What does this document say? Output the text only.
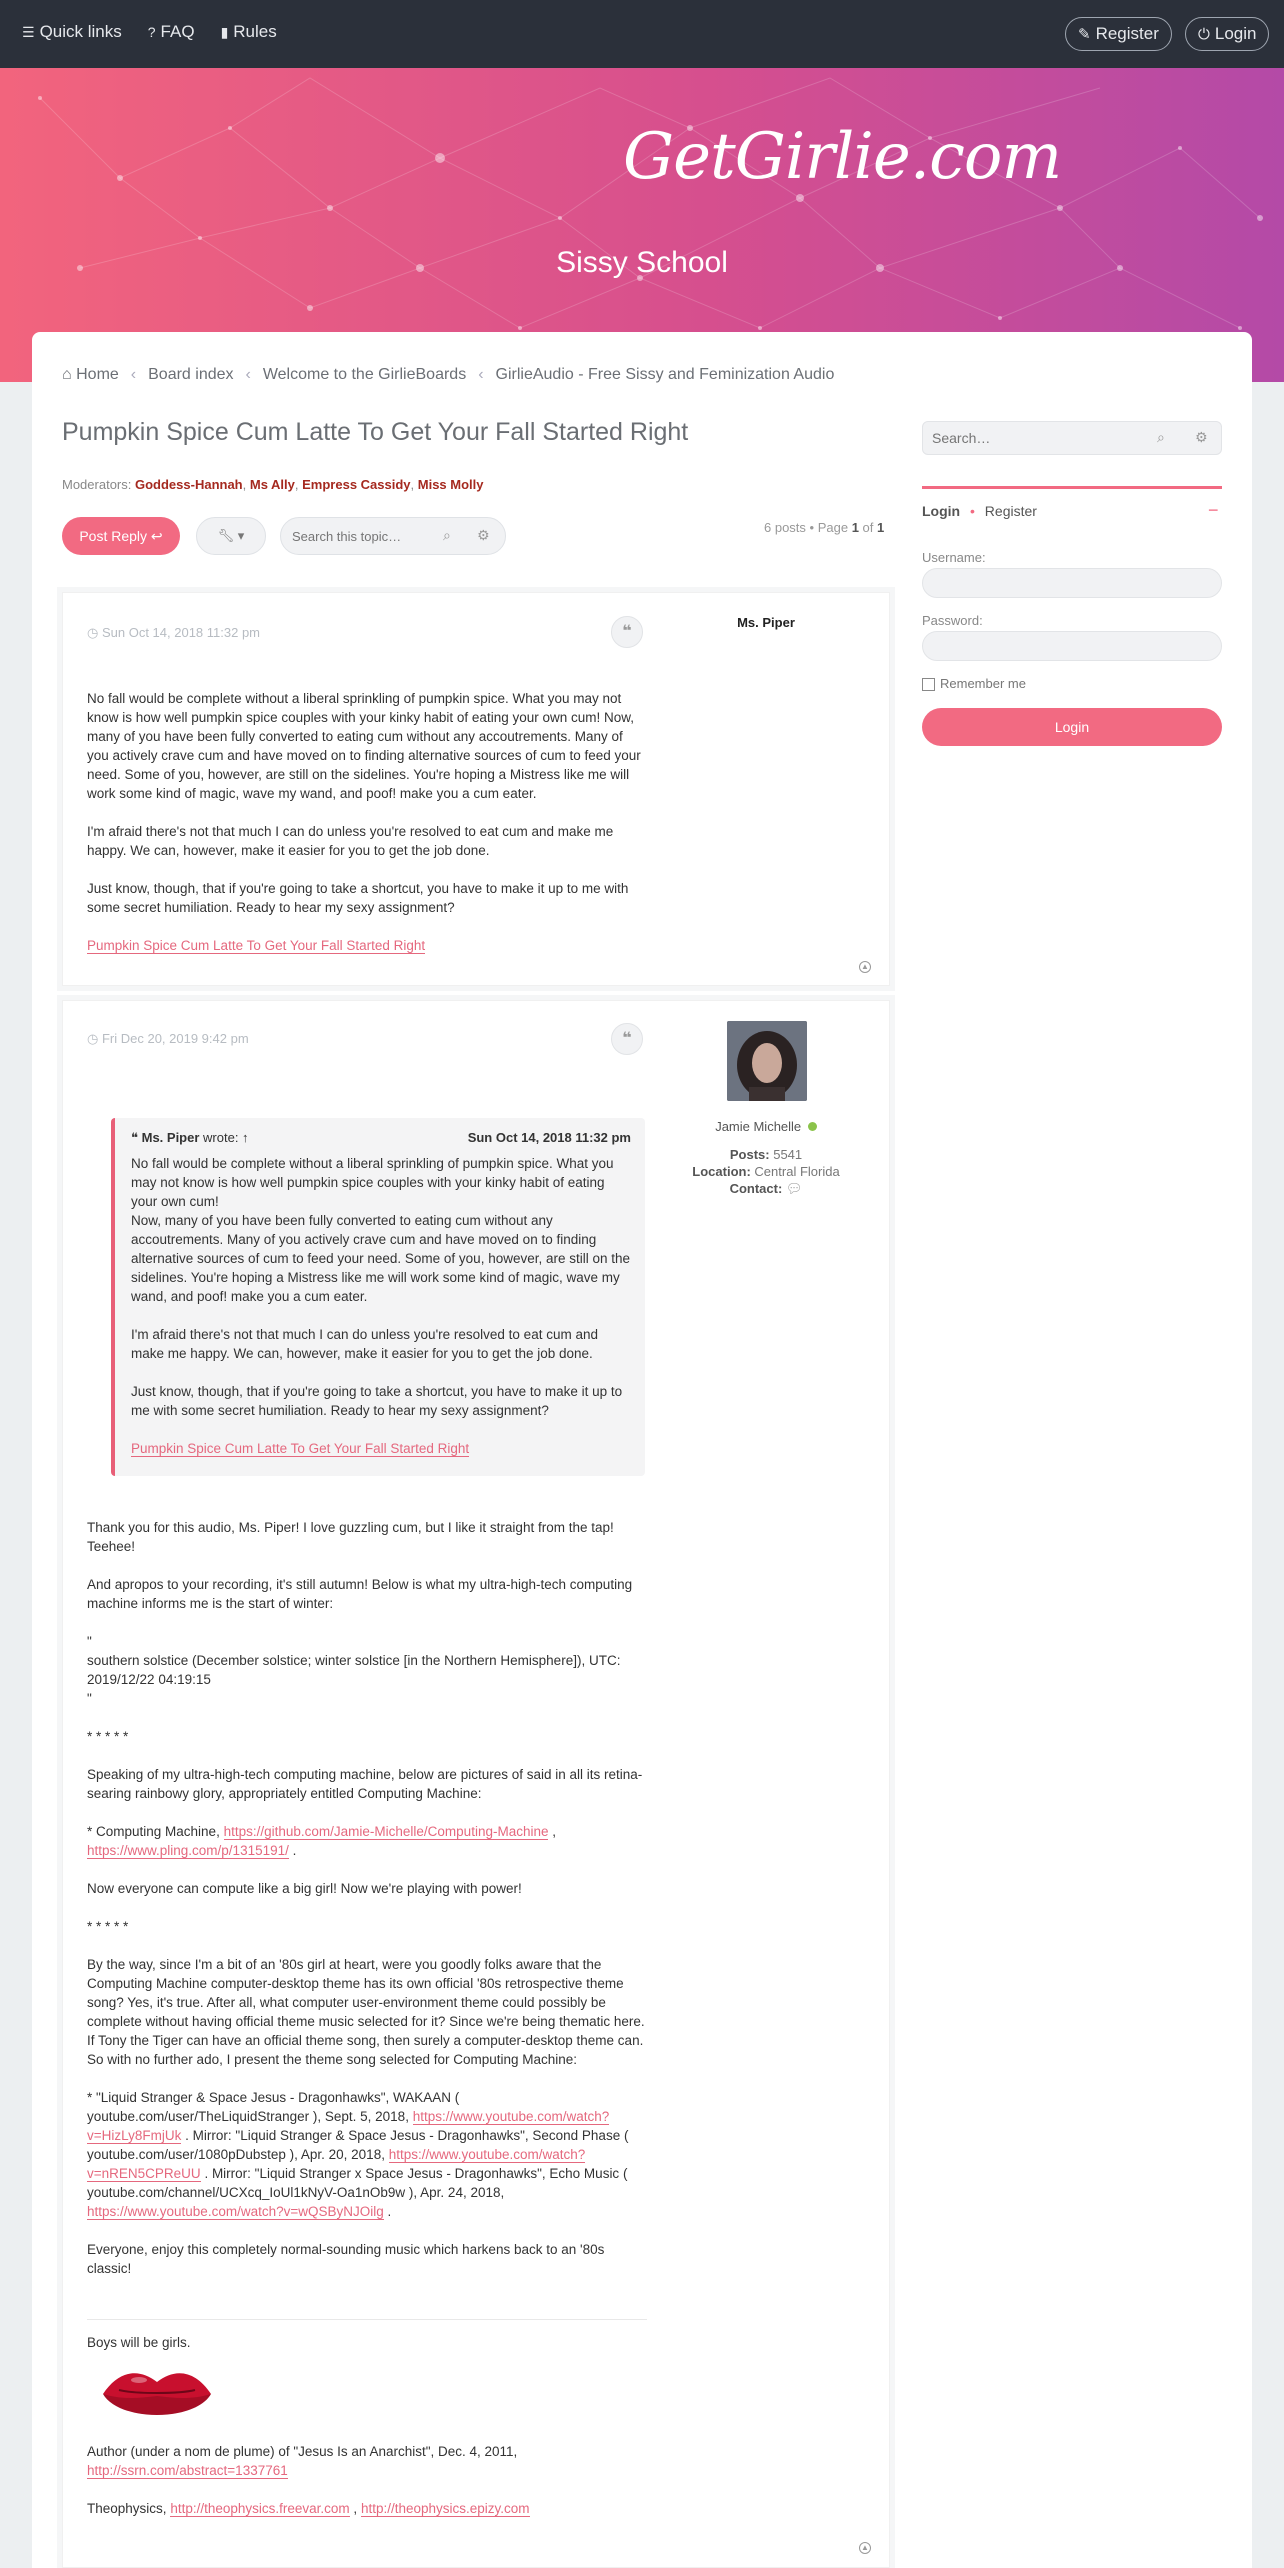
☰ Quick links ? FAQ ▮ Rules	✎ Register	⏻ Login
GetGirlie.com
Sissy School
⌂ Home ‹ Board index ‹ Welcome to the GirlieBoards ‹ GirlieAudio - Free Sissy and Feminization Audio
Pumpkin Spice Cum Latte To Get Your Fall Started Right
Moderators: Goddess-Hannah, Ms Ally, Empress Cassidy, Miss Molly
Post Reply ↩	🔧︎ ▾
Search this topic…	⌕ ⚙	6 posts • Page 1 of 1
Search…
⌕ ⚙
Login • Register	−
Username:
Password:
Remember me
Login
◷ Sun Oct 14, 2018 11:32 pm	❝
Ms. Piper

No fall would be complete without a liberal sprinkling of pumpkin spice. What you may not know is how well pumpkin spice couples with your kinky habit of eating your own cum! Now, many of you have been fully converted to eating cum without any accoutrements. Many of you actively crave cum and have moved on to finding alternative sources of cum to feed your need. Some of you, however, are still on the sidelines. You're hoping a Mistress like me will work some kind of magic, wave my wand, and poof! make you a cum eater.

I'm afraid there's not that much I can do unless you're resolved to eat cum and make me happy. We can, however, make it easier for you to get the job done.

Just know, though, that if you're going to take a shortcut, you have to make it up to me with some secret humiliation. Ready to hear my sexy assignment?

Pumpkin Spice Cum Latte To Get Your Fall Started Right

▲
◷ Fri Dec 20, 2019 9:42 pm	❝
Jamie Michelle
Posts: 5541
Location: Central Florida
Contact: 💬︎
❝ Ms. Piper wrote: ↑	Sun Oct 14, 2018 11:32 pm

No fall would be complete without a liberal sprinkling of pumpkin spice. What you may not know is how well pumpkin spice couples with your kinky habit of eating your own cum!

Now, many of you have been fully converted to eating cum without any accoutrements. Many of you actively crave cum and have moved on to finding alternative sources of cum to feed your need. Some of you, however, are still on the sidelines. You're hoping a Mistress like me will work some kind of magic, wave my wand, and poof! make you a cum eater.

I'm afraid there's not that much I can do unless you're resolved to eat cum and make me happy. We can, however, make it easier for you to get the job done.

Just know, though, that if you're going to take a shortcut, you have to make it up to me with some secret humiliation. Ready to hear my sexy assignment?

Pumpkin Spice Cum Latte To Get Your Fall Started Right

Thank you for this audio, Ms. Piper! I love guzzling cum, but I like it straight from the tap! Teehee!

And apropos to your recording, it's still autumn! Below is what my ultra-high-tech computing machine informs me is the start of winter:

"
southern solstice (December solstice; winter solstice [in the Northern Hemisphere]), UTC: 2019/12/22 04:19:15
"

* * * * *

Speaking of my ultra-high-tech computing machine, below are pictures of said in all its retina-searing rainbowy glory, appropriately entitled Computing Machine:

* Computing Machine, https://github.com/Jamie-Michelle/Computing-Machine , https://www.pling.com/p/1315191/ .

Now everyone can compute like a big girl! Now we're playing with power!

* * * * *

By the way, since I'm a bit of an '80s girl at heart, were you goodly folks aware that the Computing Machine computer-desktop theme has its own official '80s retrospective theme song? Yes, it's true. After all, what computer user-environment theme could possibly be complete without having official theme music selected for it? Since we're being thematic here. If Tony the Tiger can have an official theme song, then surely a computer-desktop theme can. So with no further ado, I present the theme song selected for Computing Machine:

* "Liquid Stranger & Space Jesus - Dragonhawks", WAKAAN ( youtube.com/user/TheLiquidStranger ), Sept. 5, 2018, https://www.youtube.com/watch?v=HizLy8FmjUk . Mirror: "Liquid Stranger & Space Jesus - Dragonhawks", Second Phase ( youtube.com/user/1080pDubstep ), Apr. 20, 2018, https://www.youtube.com/watch?v=nREN5CPReUU . Mirror: "Liquid Stranger x Space Jesus - Dragonhawks", Echo Music ( youtube.com/channel/UCXcq_IoUl1kNyV-Oa1nOb9w ), Apr. 24, 2018, https://www.youtube.com/watch?v=wQSByNJOilg .

Everyone, enjoy this completely normal-sounding music which harkens back to an '80s classic!

Boys will be girls.

Author (under a nom de plume) of "Jesus Is an Anarchist", Dec. 4, 2011,
http://ssrn.com/abstract=1337761

Theophysics, http://theophysics.freevar.com , http://theophysics.epizy.com

▲
